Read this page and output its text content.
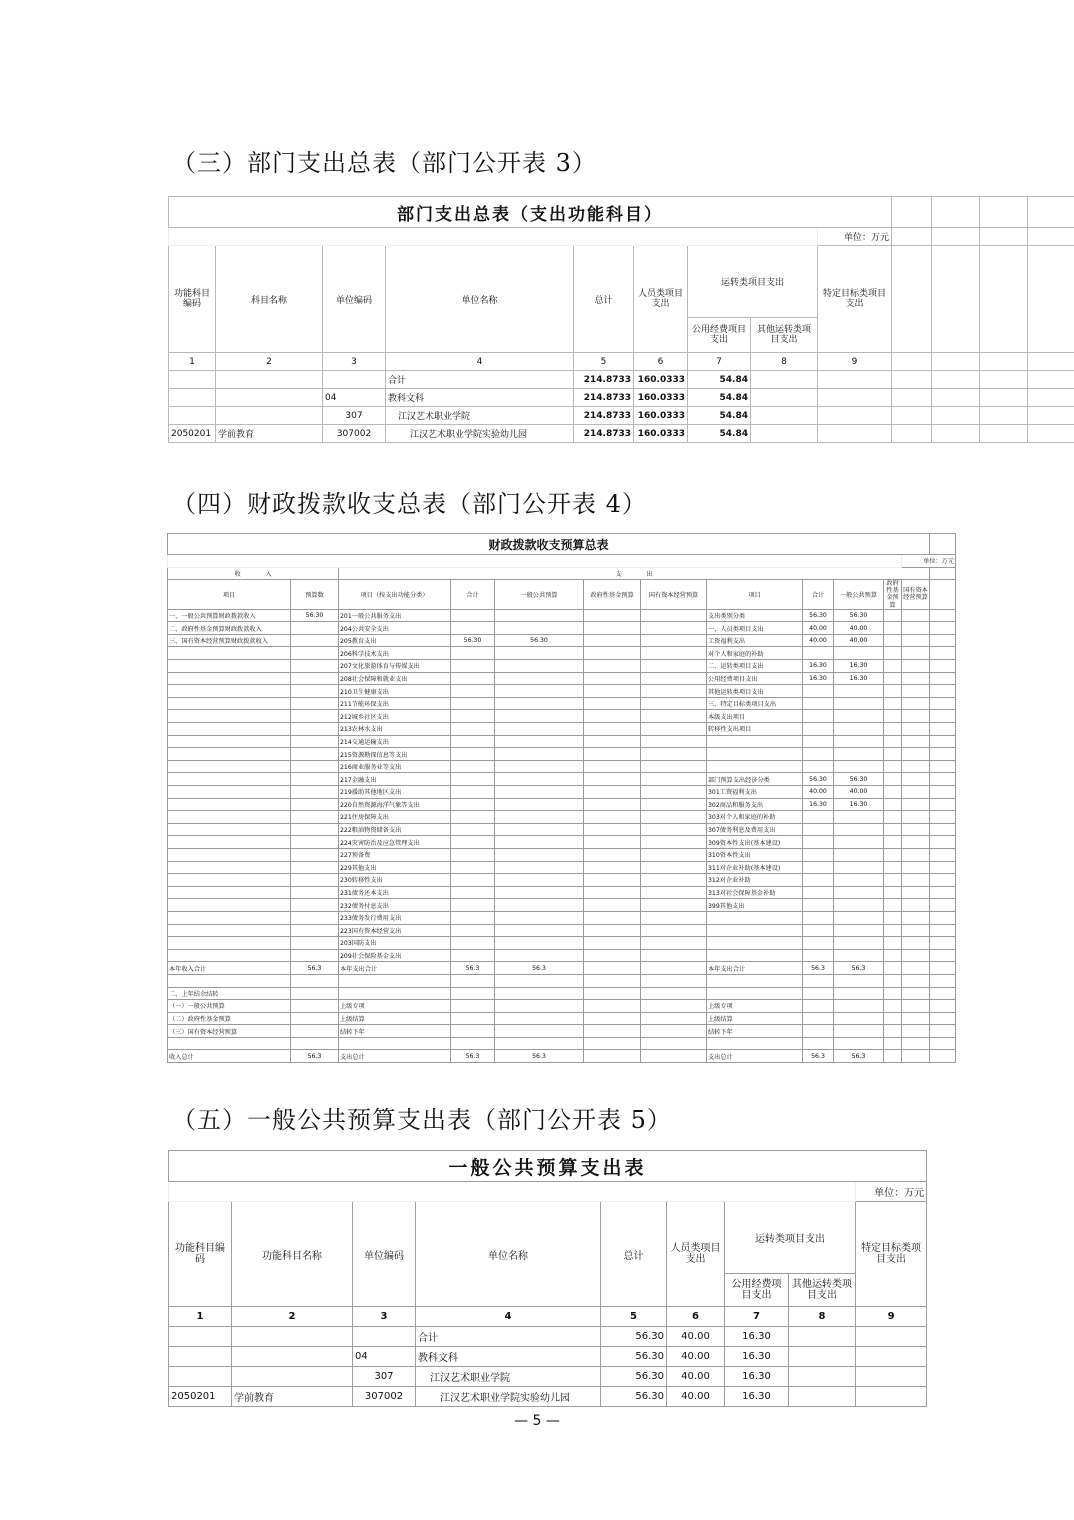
（三）部门支出总表（部门公开表 3）
部门支出总表（支出功能科目）												
								单位：万元				
功能科目编码	科目名称	单位编码	单位名称	总计	人员类项目支出	运转类项目支出		特定目标类项目支出				
						公用经费项目支出	其他运转类项目支出					
1	2	3	4	5	6	7	8	9				
			合计	214.8733	160.0333	54.84						
		04	教科文科	214.8733	160.0333	54.84						
		307	江汉艺术职业学院	214.8733	160.0333	54.84						
2050201	学前教育	307002	江汉艺术职业学院实验幼儿园	214.8733	160.0333	54.84						
（四）财政拨款收支总表（部门公开表 4）
财政拨款收支预算总表												
											单位：万元	
收　　　　入		支　　　　出										
项目	预算数	项目（按支出功能分类）	合计	一般公共预算	政府性基金预算	国有资本经营预算	项目	合计	一般公共预算	政府性基金预算	国有资本经营预算	
一、一般公共预算财政拨款收入	56.30	201一般公共服务支出					支出类别分类	56.30	56.30			
二、政府性基金预算财政拨款收入		204公共安全支出					一、人员类项目支出	40.00	40.00			
三、国有资本经营预算财政拨款收入		205教育支出	56.30	56.30			工资福利支出	40.00	40.00			
		206科学技术支出					对个人和家庭的补助					
		207文化旅游体育与传媒支出					二、运转类项目支出	16.30	16.30			
		208社会保障和就业支出					公用经费项目支出	16.30	16.30			
		210卫生健康支出					其他运转类项目支出					
		211节能环保支出					三、特定目标类项目支出					
		212城乡社区支出					本级支出项目					
		213农林水支出					转移性支出项目					
		214交通运输支出										
		215资源勘探信息等支出										
		216商业服务业等支出										
		217金融支出					部门预算支出经济分类	56.30	56.30			
		219援助其他地区支出					301工资福利支出	40.00	40.00			
		220自然资源海洋气象等支出					302商品和服务支出	16.30	16.30			
		221住房保障支出					303对个人和家庭的补助					
		222粮油物资储备支出					307债务利息及费用支出					
		224灾害防治及应急管理支出					309资本性支出(基本建设)					
		227预备费					310资本性支出					
		229其他支出					311对企业补助(基本建设)					
		230转移性支出					312对企业补助					
		231债务还本支出					313对社会保障基金补助					
		232债务付息支出					399其他支出					
		233债务发行费用支出										
		223国有资本经营支出										
		203国防支出										
		209社会保险基金支出										
本年收入合计	56.3	本年支出合计	56.3	56.3			本年支出合计	56.3	56.3			

二、上年结余结转												
（一）一般公共预算		上级专项					上级专项					
（二）政府性基金预算		上级结算					上级结算					
（三）国有资本经营预算		结转下年					结转下年					

收入总计	56.3	支出总计	56.3	56.3			支出总计	56.3	56.3			
（五）一般公共预算支出表（部门公开表 5）
一般公共预算支出表								
								单位：万元
功能科目编码	功能科目名称	单位编码	单位名称	总计	人员类项目支出	运转类项目支出		特定目标类项目支出
						公用经费项目支出	其他运转类项目支出	
1	2	3	4	5	6	7	8	9
			合计	56.30	40.00	16.30		
		04	教科文科	56.30	40.00	16.30		
		307	江汉艺术职业学院	56.30	40.00	16.30		
2050201	学前教育	307002	江汉艺术职业学院实验幼儿园	56.30	40.00	16.30		
— 5 —
